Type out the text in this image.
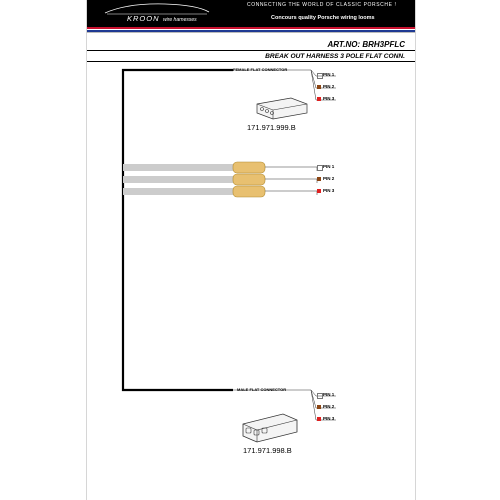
KROON wire harnesses
CONNECTING THE WORLD OF CLASSIC PORSCHE !
Concours quality Porsche wiring looms
ART.NO: BRH3PFLC
BREAK OUT HARNESS 3 POLE FLAT CONN.
FEMALE FLAT CONNECTOR
PIN 1
PIN 2
PIN 3
171.971.999.B
PIN 1
PIN 2
PIN 3
MALE FLAT CONNECTOR
PIN 1
PIN 2
PIN 3
171.971.998.B
